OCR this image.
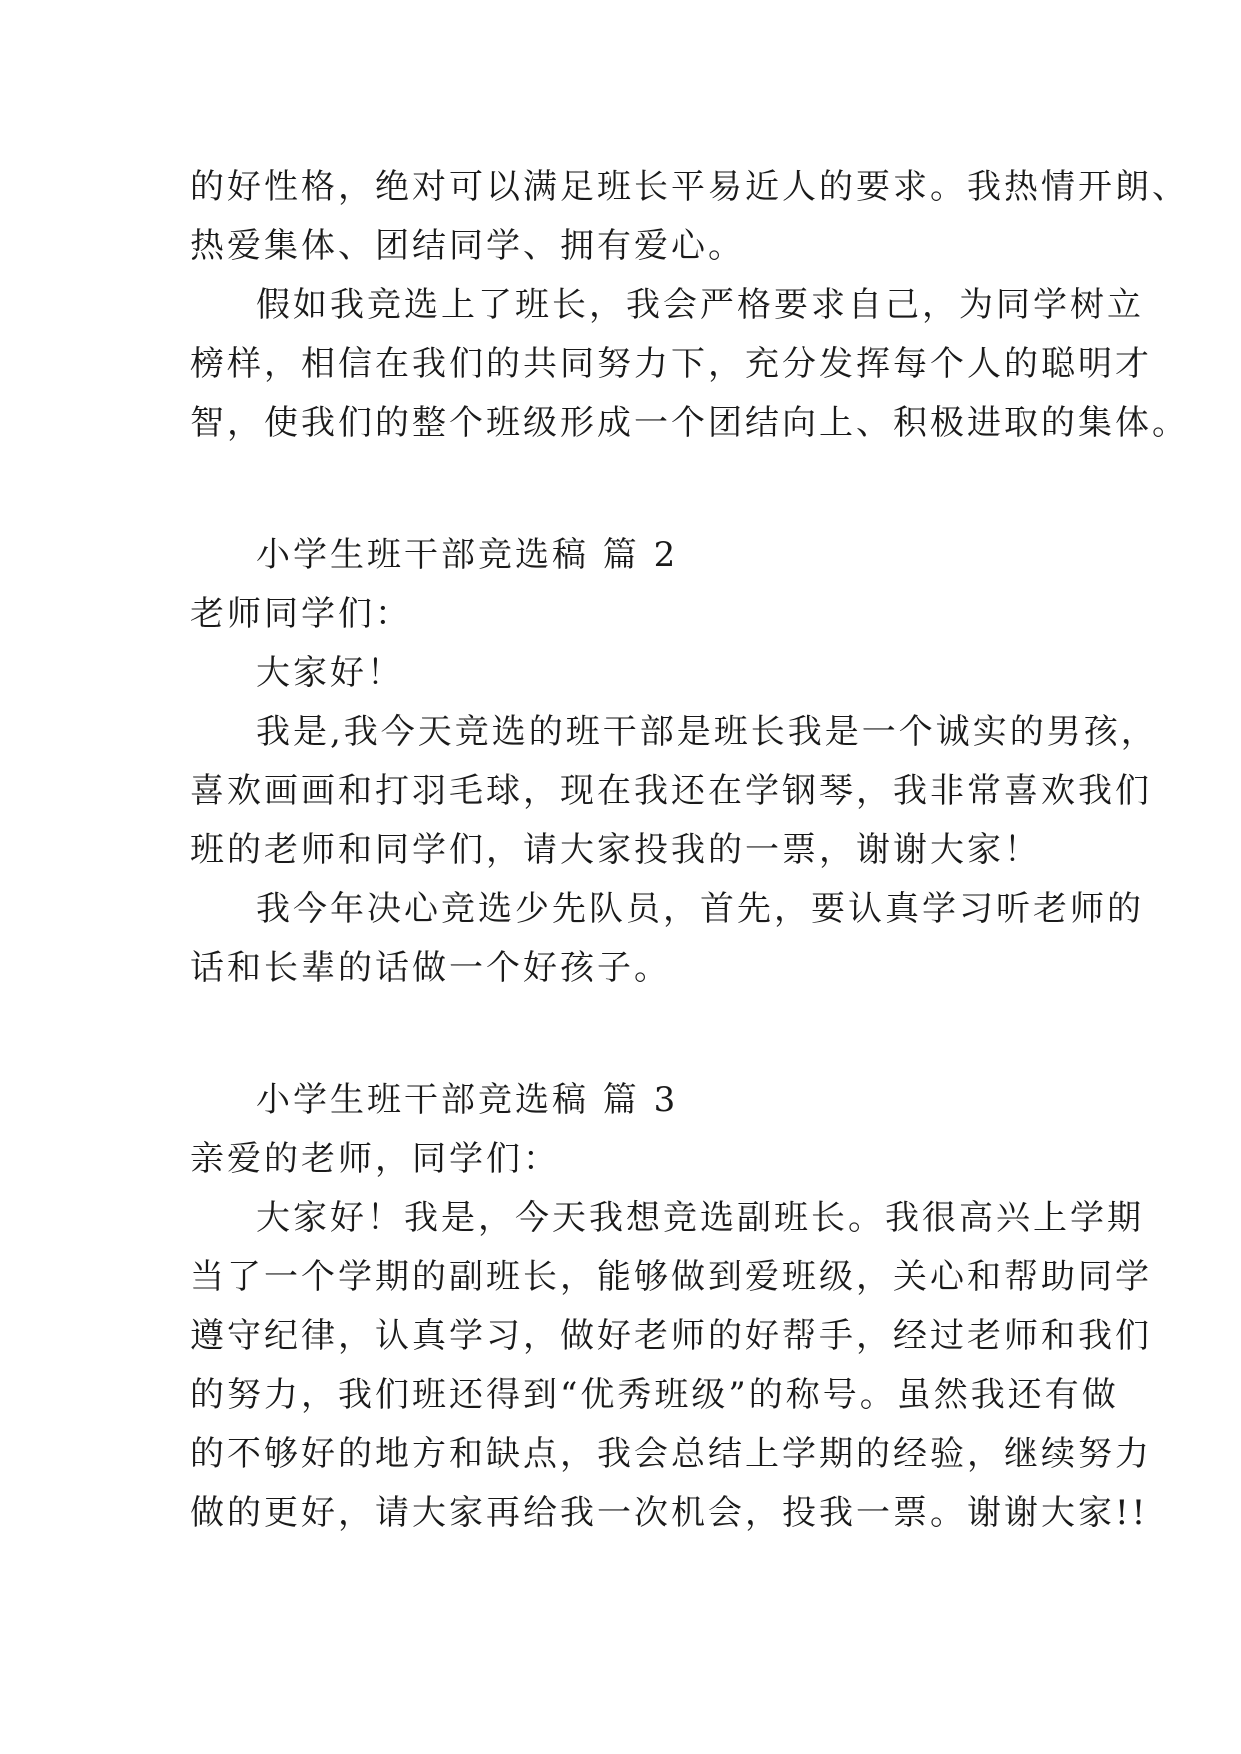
的好性格，绝对可以满足班长平易近人的要求。我热情开朗、
热爱集体、团结同学、拥有爱心。
假如我竞选上了班长，我会严格要求自己，为同学树立
榜样，相信在我们的共同努力下，充分发挥每个人的聪明才
智，使我们的整个班级形成一个团结向上、积极进取的集体。
小学生班干部竞选稿 篇 2
老师同学们：
大家好！
我是,我今天竞选的班干部是班长我是一个诚实的男孩，
喜欢画画和打羽毛球，现在我还在学钢琴，我非常喜欢我们
班的老师和同学们，请大家投我的一票，谢谢大家！
我今年决心竞选少先队员，首先，要认真学习听老师的
话和长辈的话做一个好孩子。
小学生班干部竞选稿 篇 3
亲爱的老师，同学们：
大家好！我是，今天我想竞选副班长。我很高兴上学期
当了一个学期的副班长，能够做到爱班级，关心和帮助同学
遵守纪律，认真学习，做好老师的好帮手，经过老师和我们
的努力，我们班还得到“优秀班级”的称号。虽然我还有做
的不够好的地方和缺点，我会总结上学期的经验，继续努力
做的更好，请大家再给我一次机会，投我一票。谢谢大家!!
